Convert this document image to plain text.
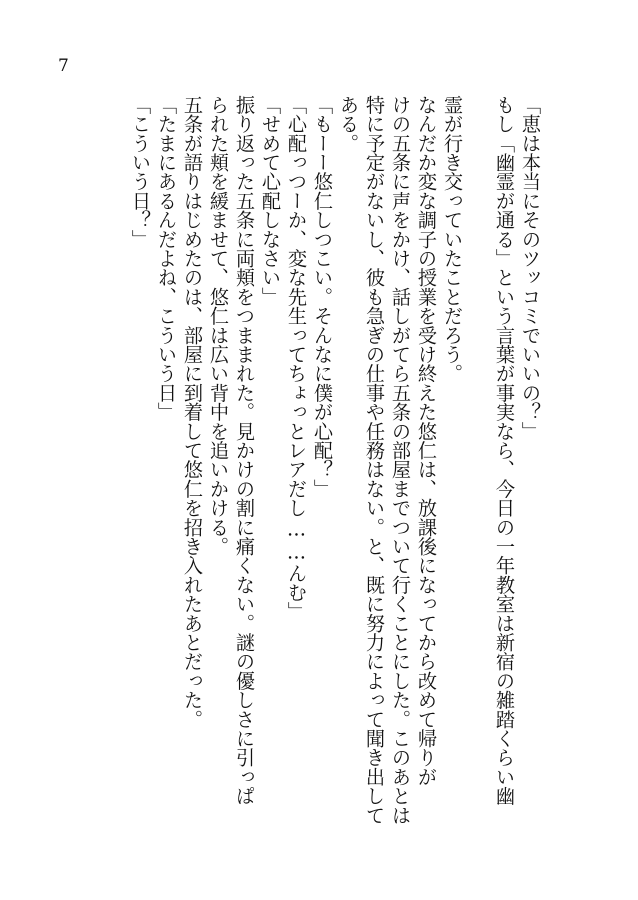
7

「恵は本当にそのツッコミでいいの？」

もし「幽霊が通る」という言葉が事実なら、今日の一年教室は新宿の雑踏くらい幽

霊が行き交っていたことだろう。

なんだか変な調子の授業を受け終えた悠仁は、放課後になってから改めて帰りが

けの五条に声をかけ、話しがてら五条の部屋までついて行くことにした。このあとは

特に予定がないし、彼も急ぎの仕事や任務はない。と、既に努力によって聞き出して

ある。

「もーー悠仁しつこい。そんなに僕が心配？」

「心配っつーか、変な先生ってちょっとレアだし……んむ」

「せめて心配しなさい」

振り返った五条に両頬をつままれた。見かけの割に痛くない。謎の優しさに引っぱ

られた頬を緩ませて、悠仁は広い背中を追いかける。

五条が語りはじめたのは、部屋に到着して悠仁を招き入れたあとだった。

「たまにあるんだよね、こういう日」

「こういう日？」
